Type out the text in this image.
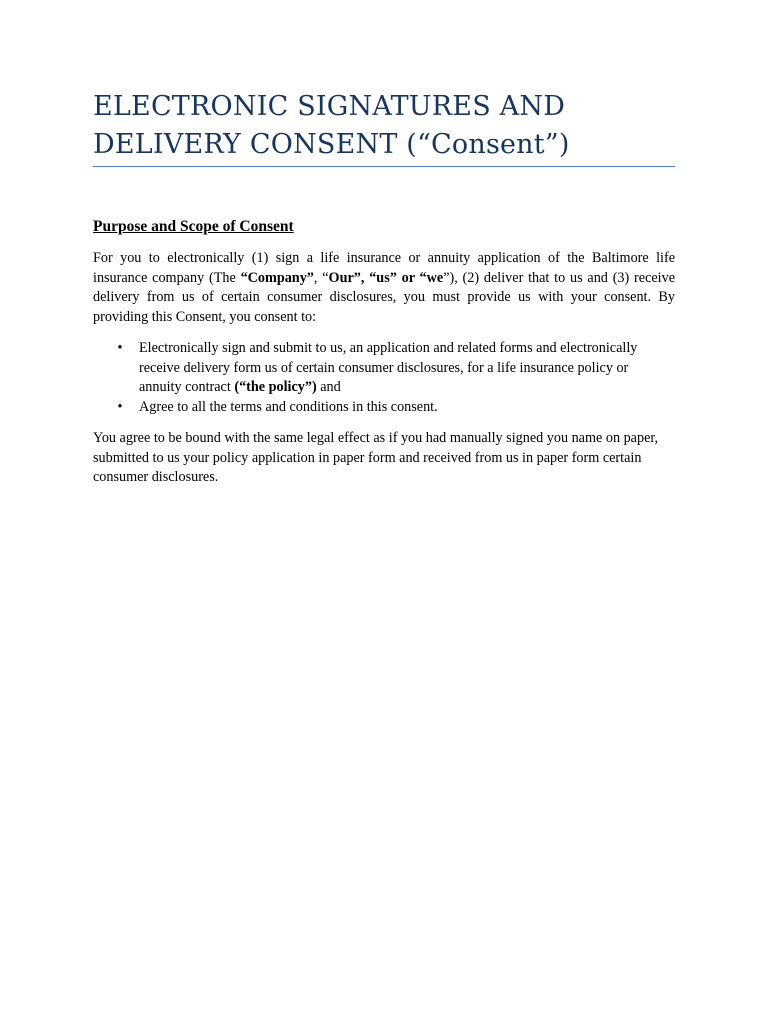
ELECTRONIC SIGNATURES AND
DELIVERY CONSENT (“Consent”)
Purpose and Scope of Consent

For you to electronically (1) sign a life insurance or annuity application of the Baltimore life insurance company (The “Company”, “Our”, “us” or “we”), (2) deliver that to us and (3) receive delivery from us of certain consumer disclosures, you must provide us with your consent. By providing this Consent, you consent to:

• Electronically sign and submit to us, an application and related forms and electronically receive delivery form us of certain consumer disclosures, for a life insurance policy or annuity contract (“the policy”) and
• Agree to all the terms and conditions in this consent.

You agree to be bound with the same legal effect as if you had manually signed you name on paper, submitted to us your policy application in paper form and received from us in paper form certain consumer disclosures.
